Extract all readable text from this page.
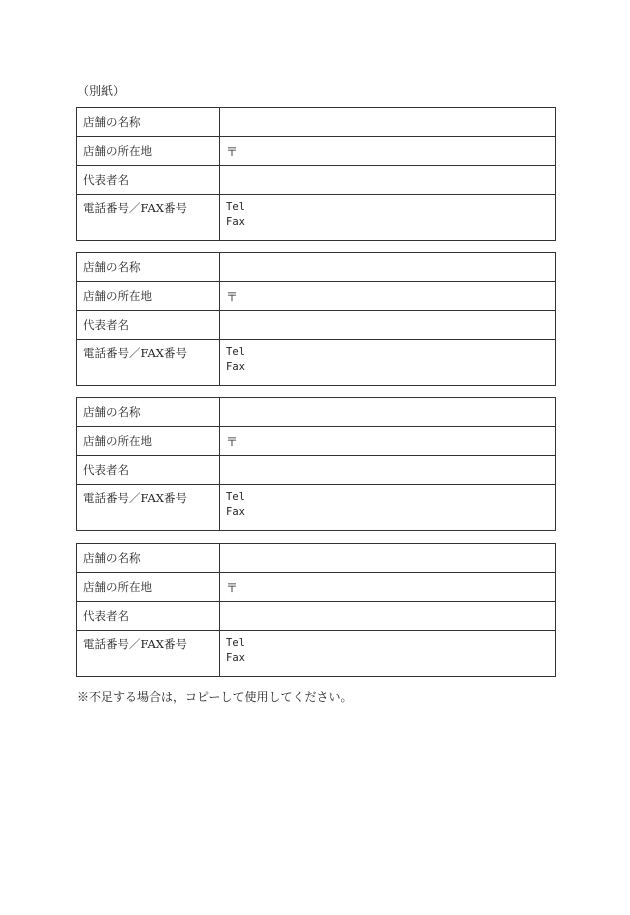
（別紙）
店舗の名称	
店舗の所在地	〒
代表者名	
電話番号／FAX番号	Tel
Fax
店舗の名称	
店舗の所在地	〒
代表者名	
電話番号／FAX番号	Tel
Fax
店舗の名称	
店舗の所在地	〒
代表者名	
電話番号／FAX番号	Tel
Fax
店舗の名称	
店舗の所在地	〒
代表者名	
電話番号／FAX番号	Tel
Fax
※不足する場合は，コピーして使用してください。
